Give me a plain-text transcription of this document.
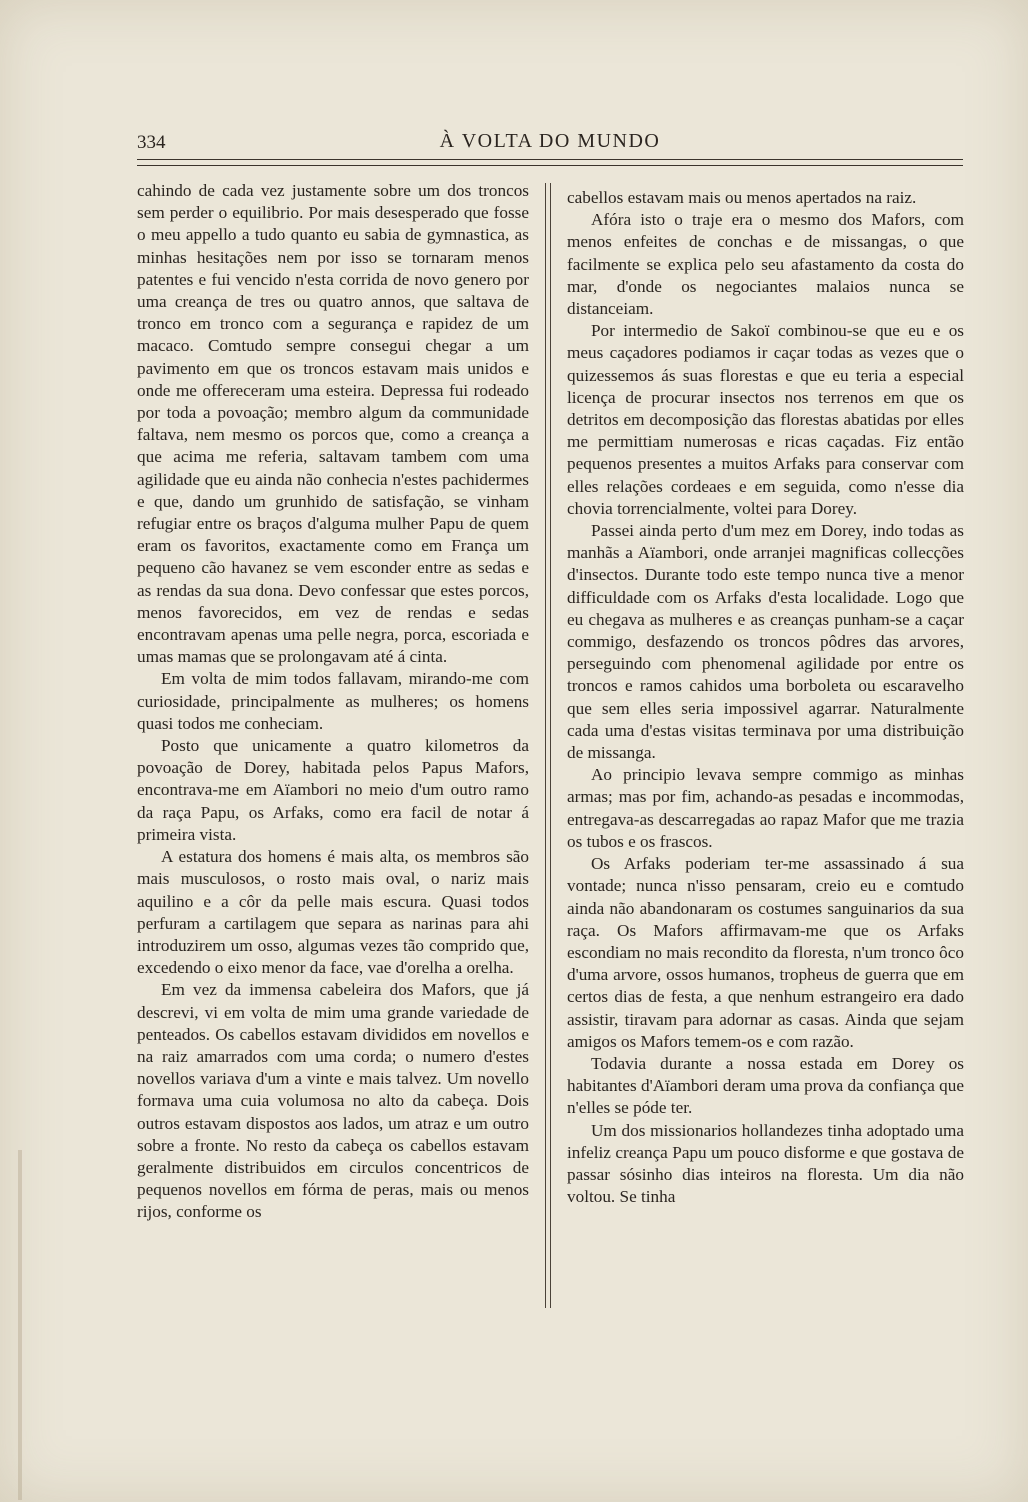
334	À VOLTA DO MUNDO

cahindo de cada vez justamente sobre um dos troncos sem perder o equilibrio. Por mais desesperado que fosse o meu appello a tudo quanto eu sabia de gymnastica, as minhas hesitações nem por isso se tornaram menos patentes e fui vencido n'esta corrida de novo genero por uma creança de tres ou quatro annos, que saltava de tronco em tronco com a segurança e rapidez de um macaco. Comtudo sempre consegui chegar a um pavimento em que os troncos estavam mais unidos e onde me offereceram uma esteira. Depressa fui rodeado por toda a povoação; membro algum da communidade faltava, nem mesmo os porcos que, como a creança a que acima me referia, saltavam tambem com uma agilidade que eu ainda não conhecia n'estes pachidermes e que, dando um grunhido de satisfação, se vinham refugiar entre os braços d'alguma mulher Papu de quem eram os favoritos, exactamente como em França um pequeno cão havanez se vem esconder entre as sedas e as rendas da sua dona. Devo confessar que estes porcos, menos favorecidos, em vez de rendas e sedas encontravam apenas uma pelle negra, porca, escoriada e umas mamas que se prolongavam até á cinta.

Em volta de mim todos fallavam, mirando-me com curiosidade, principalmente as mulheres; os homens quasi todos me conheciam.

Posto que unicamente a quatro kilometros da povoação de Dorey, habitada pelos Papus Mafors, encontrava-me em Aïambori no meio d'um outro ramo da raça Papu, os Arfaks, como era facil de notar á primeira vista.

A estatura dos homens é mais alta, os membros são mais musculosos, o rosto mais oval, o nariz mais aquilino e a côr da pelle mais escura. Quasi todos perfuram a cartilagem que separa as narinas para ahi introduzirem um osso, algumas vezes tão comprido que, excedendo o eixo menor da face, vae d'orelha a orelha.

Em vez da immensa cabeleira dos Mafors, que já descrevi, vi em volta de mim uma grande variedade de penteados. Os cabellos estavam divididos em novellos e na raiz amarrados com uma corda; o numero d'estes novellos variava d'um a vinte e mais talvez. Um novello formava uma cuia volumosa no alto da cabeça. Dois outros estavam dispostos aos lados, um atraz e um outro sobre a fronte. No resto da cabeça os cabellos estavam geralmente distribuidos em circulos concentricos de pequenos novellos em fórma de peras, mais ou menos rijos, conforme os

cabellos estavam mais ou menos apertados na raiz.

Afóra isto o traje era o mesmo dos Mafors, com menos enfeites de conchas e de missangas, o que facilmente se explica pelo seu afastamento da costa do mar, d'onde os negociantes malaios nunca se distanceiam.

Por intermedio de Sakoï combinou-se que eu e os meus caçadores podiamos ir caçar todas as vezes que o quizessemos ás suas florestas e que eu teria a especial licença de procurar insectos nos terrenos em que os detritos em decomposição das florestas abatidas por elles me permittiam numerosas e ricas caçadas. Fiz então pequenos presentes a muitos Arfaks para conservar com elles relações cordeaes e em seguida, como n'esse dia chovia torrencialmente, voltei para Dorey.

Passei ainda perto d'um mez em Dorey, indo todas as manhãs a Aïambori, onde arranjei magnificas collecções d'insectos. Durante todo este tempo nunca tive a menor difficuldade com os Arfaks d'esta localidade. Logo que eu chegava as mulheres e as creanças punham-se a caçar commigo, desfazendo os troncos pôdres das arvores, perseguindo com phenomenal agilidade por entre os troncos e ramos cahidos uma borboleta ou escaravelho que sem elles seria impossivel agarrar. Naturalmente cada uma d'estas visitas terminava por uma distribuição de missanga.

Ao principio levava sempre commigo as minhas armas; mas por fim, achando-as pesadas e incommodas, entregava-as descarregadas ao rapaz Mafor que me trazia os tubos e os frascos.

Os Arfaks poderiam ter-me assassinado á sua vontade; nunca n'isso pensaram, creio eu e comtudo ainda não abandonaram os costumes sanguinarios da sua raça. Os Mafors affirmavam-me que os Arfaks escondiam no mais recondito da floresta, n'um tronco ôco d'uma arvore, ossos humanos, tropheus de guerra que em certos dias de festa, a que nenhum estrangeiro era dado assistir, tiravam para adornar as casas. Ainda que sejam amigos os Mafors temem-os e com razão.

Todavia durante a nossa estada em Dorey os habitantes d'Aïambori deram uma prova da confiança que n'elles se póde ter.

Um dos missionarios hollandezes tinha adoptado uma infeliz creança Papu um pouco disforme e que gostava de passar sósinho dias inteiros na floresta. Um dia não voltou. Se tinha
